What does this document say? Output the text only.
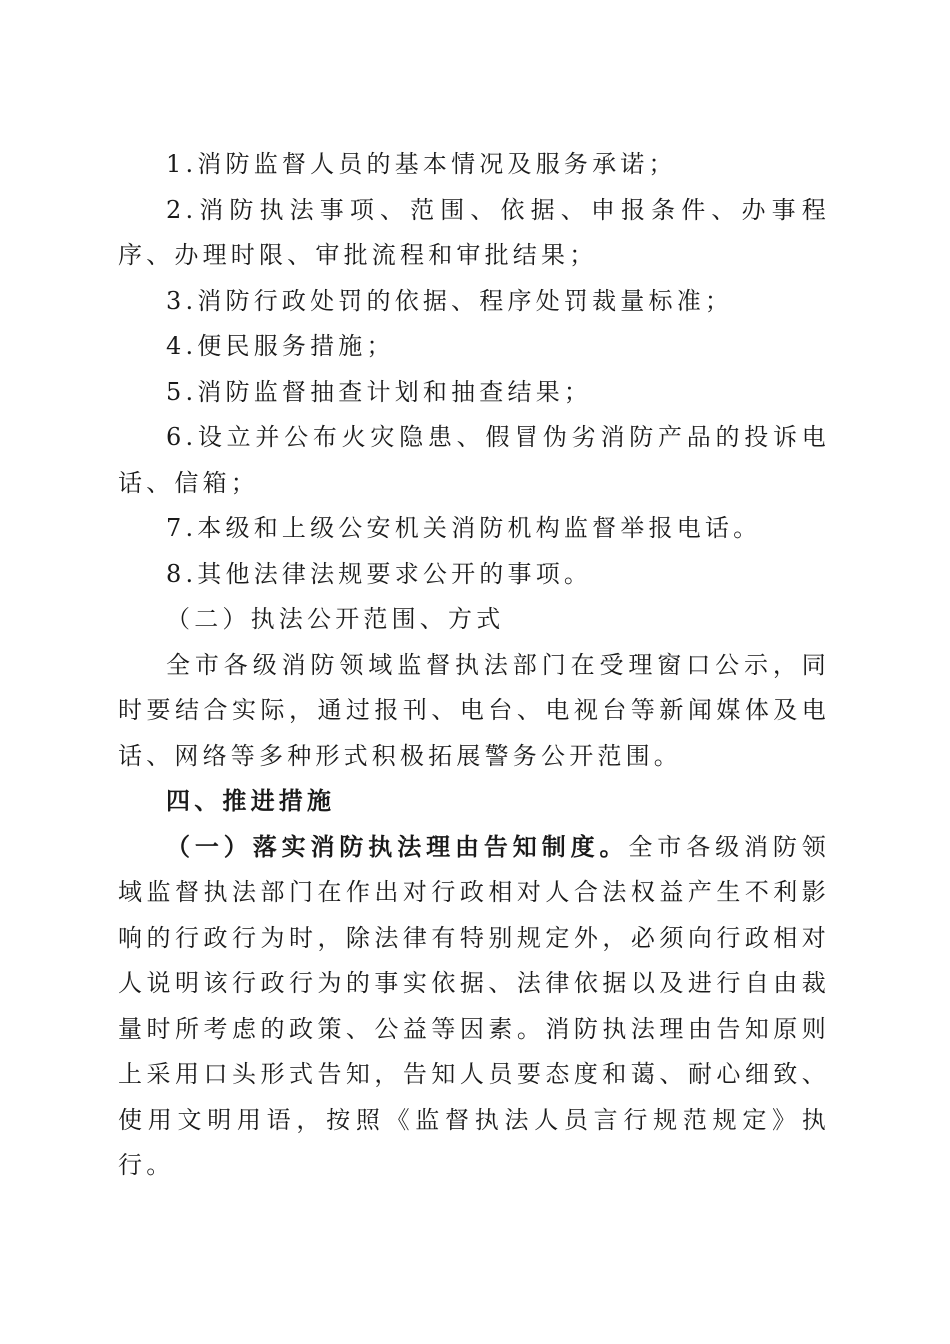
1.消防监督人员的基本情况及服务承诺；

2.消防执法事项、范围、依据、申报条件、办事程序、办理时限、审批流程和审批结果；

3.消防行政处罚的依据、程序处罚裁量标准；

4.便民服务措施；

5.消防监督抽查计划和抽查结果；

6.设立并公布火灾隐患、假冒伪劣消防产品的投诉电话、信箱；

7.本级和上级公安机关消防机构监督举报电话。

8.其他法律法规要求公开的事项。

（二）执法公开范围、方式

全市各级消防领域监督执法部门在受理窗口公示，同时要结合实际，通过报刊、电台、电视台等新闻媒体及电话、网络等多种形式积极拓展警务公开范围。

四、推进措施

（一）落实消防执法理由告知制度。全市各级消防领域监督执法部门在作出对行政相对人合法权益产生不利影响的行政行为时，除法律有特别规定外，必须向行政相对人说明该行政行为的事实依据、法律依据以及进行自由裁量时所考虑的政策、公益等因素。消防执法理由告知原则上采用口头形式告知，告知人员要态度和蔼、耐心细致、使用文明用语，按照《监督执法人员言行规范规定》执行。
